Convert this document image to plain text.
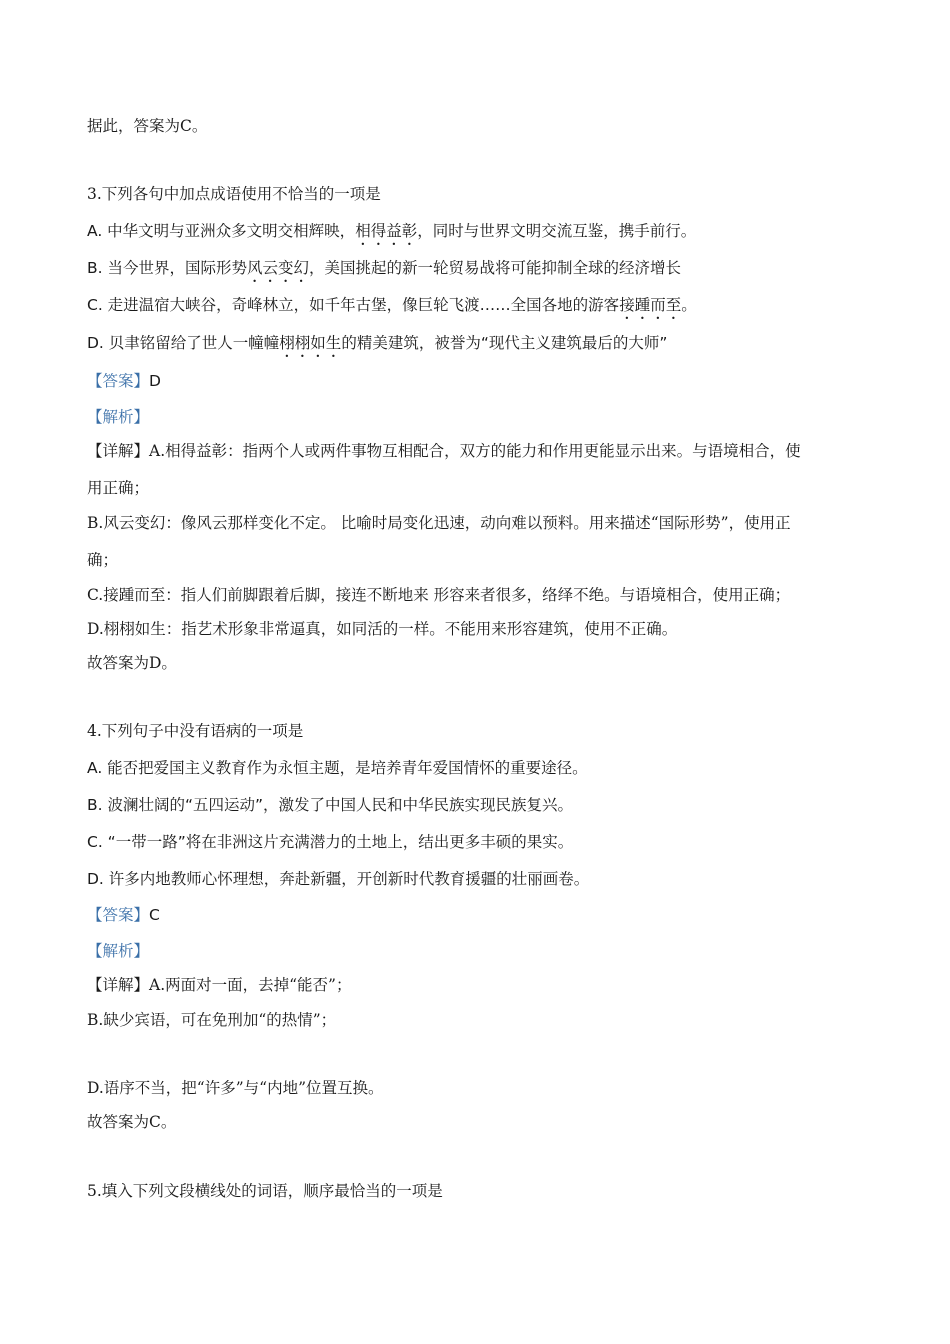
据此，答案为C。
3.下列各句中加点成语使用不恰当的一项是
A. 中华文明与亚洲众多文明交相辉映，相得益彰，同时与世界文明交流互鉴，携手前行。
B. 当今世界，国际形势风云变幻，美国挑起的新一轮贸易战将可能抑制全球的经济增长
C. 走进温宿大峡谷，奇峰林立，如千年古堡，像巨轮飞渡……全国各地的游客接踵而至。
D. 贝聿铭留给了世人一幢幢栩栩如生的精美建筑，被誉为“现代主义建筑最后的大师”
【答案】D
【解析】
【详解】A.相得益彰：指两个人或两件事物互相配合，双方的能力和作用更能显示出来。与语境相合，使
用正确；
B.风云变幻：像风云那样变化不定。 比喻时局变化迅速，动向难以预料。用来描述“国际形势”，使用正
确；
C.接踵而至：指人们前脚跟着后脚，接连不断地来 形容来者很多，络绎不绝。与语境相合，使用正确；
D.栩栩如生：指艺术形象非常逼真，如同活的一样。不能用来形容建筑，使用不正确。
故答案为D。
4.下列句子中没有语病的一项是
A. 能否把爱国主义教育作为永恒主题，是培养青年爱国情怀的重要途径。
B. 波澜壮阔的“五四运动”，激发了中国人民和中华民族实现民族复兴。
C. “一带一路”将在非洲这片充满潜力的土地上，结出更多丰硕的果实。
D. 许多内地教师心怀理想，奔赴新疆，开创新时代教育援疆的壮丽画卷。
【答案】C
【解析】
【详解】A.两面对一面，去掉“能否”；
B.缺少宾语，可在免刑加“的热情”；
D.语序不当，把“许多”与“内地”位置互换。
故答案为C。
5.填入下列文段横线处的词语，顺序最恰当的一项是
